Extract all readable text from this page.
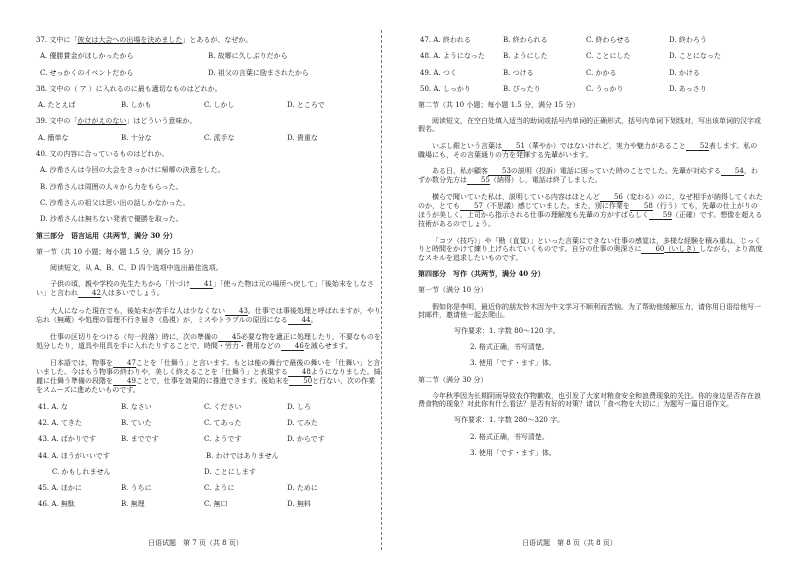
37. 文中に「彼女は大会への出場を決めました」とあるが、なぜか。
A. 優勝賞金がほしかったから	B. 故郷に久しぶりだから
C. せっかくのイベントだから	D. 祖父の言葉に励まされたから
38. 文中の（ ア ）に入れるのに最も適切なものはどれか。
A. たとえば	B. しかも	C. しかし	D. ところで
39. 文中の「かけがえのない」はどういう意味か。
A. 簡単な	B. 十分な	C. 派手な	D. 貴重な
40. 文の内容に合っているものはどれか。
A. 沙希さんは今回の大会をきっかけに帰郷の決意をした。
B. 沙希さんは周囲の人々から力をもらった。
C. 沙希さんの祖父は思い出の話しかなかった。
D. 沙希さんは無ちない発表で優勝を取った。
第三部分　语言运用（共两节，满分 30 分）
第一节（共 10 小题；每小题 1.5 分，满分 15 分）
阅读短文，从 A、B、C、D 四个选项中选出最佳选项。
子供の頃，親や学校の先生たちから「片づけ 41」「使った物は元の場所へ戻して」「後始末をしなさい」と言われ 42人は多いでしょう。
大人になった現在でも，後始末が苦手な人は少なくない 43。仕事では事後処理と呼ばれますが，やり忘れ（無蔵）や処理の管理不行き届き（島視）が，ミスやトラブルの原因になる 44。
仕事の区切りをつける（句一段落）時に，次の準備の 45必要な物を適正に処理したり，不要なものを処分したり，道具や用具を手に入れたりすることで，時間・労力・費用などの 46を減らせます。
日本語では，物事を 47ことを「仕舞う」と言います。もとは能の舞台で最後の舞いを「仕舞い」と言いました。今はもう物事の終わりや，美しく終えることを「仕舞う」と表現する 48ようになりました。綺麗に仕舞う準備の段階を 49ことで，仕事を効果的に推進できます。後始末を 50と行ない，次の作業をスムーズに進めたいものです。
41. A. な	B. なさい	C. ください	D. しろ
42. A. てきた	B. ていた	C. てあった	D. てみた
43. A. ばかりです	B. までです	C. ようです	D. からです
44. A. ほうがいいです	B. わけではありません
C. かもしれません	D. ことにします
45. A. ほかに	B. うちに	C. ように	D. ために
46. A. 無駄	B. 無理	C. 無口	D. 無料
47. A. 終われる	B. 終わられる	C. 終わらせる	D. 終わろう
48. A. ようになった	B. ようにした	C. ことにした	D. ことになった
49. A. つく	B. つける	C. かかる	D. かける
50. A. しっかり	B. ぴったり	C. うっかり	D. あっさり
第二节（共 10 小题；每小题 1.5 分，满分 15 分）
阅读短文，在空白处填入适当的助词或括号内单词的正确形式，括号内单词下划线对，写出该单词的汉字或假名。
いぶし銀という言葉は 51（華やか）ではないけれど，実力や魅力があること 52表します。私の職場にも，その言葉通りの力を発揮する先輩がいます。
ある日，私が顧客 53の説明（投訴）電話に困っていた時のことでした。先輩が対応する 54，わずか数分先方は 55（納得）し，電話は終了しました。
横らで聞いていた私は，説明している内容はほとんど 56（変わる）のに，なぜ相手が納得してくれたのか，とても 57（不思議）感じていました。また，別に作業を 58（行う）ても，先輩の仕上がりのほうが美しく，上司から指示される仕事の理解度も先輩の方がすばらしく 59（正確）です。想像を超える技術があるのでしょう。
「コツ（技巧）」や「勘（直覚）」といった言葉にできない仕事の感覚は，多様な経験を積み重ね，じっくりと時間をかけて練り上げられていくものです。自分の仕事の奥深さに 60（いしき）しながら，より高度なスキルを追求したいものです。
第四部分　写作（共两节，满分 40 分）
第一节（满分 10 分）
假如你是李明，最近你的朋友铃木因为中文学习不顺利而苦恼。为了帮助他缓解压力，请你用日语给他写一封邮件，邀请他一起去爬山。
写作要求：1. 字数 80～120 字。
2. 格式正确，书写清楚。
3. 使用「です・ます」体。
第二节（满分 30 分）
今年秋季因为长期阴雨导致农作物歉收，也引发了大家对粮食安全和浪费现象的关注。你的身边是否存在浪费食物的现象？对此你有什么看法？是否有好的对策？请以「食べ物を大切に」为题写一篇日语作文。
写作要求：1. 字数 280～320 字。
2. 格式正确，书写清楚。
3. 使用「です・ます」体。
日语试题　第 7 页（共 8 页）	日语试题　第 8 页（共 8 页）
